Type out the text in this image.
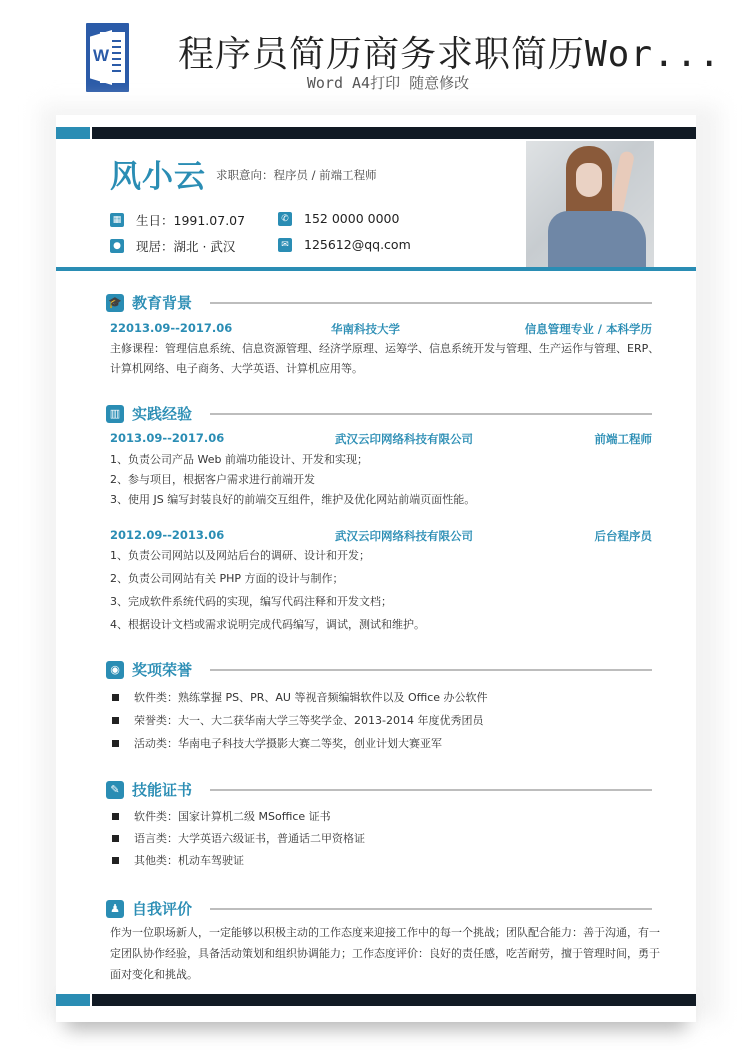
W 程序员简历商务求职简历Wor...
Word A4打印 随意修改
风小云 求职意向：程序员 / 前端工程师
▦ 生日：1991.07.07
● 现居：湖北 · 武汉
✆ 152 0000 0000
✉ 125612@qq.com
🎓 教育背景
22013.09--2017.06	华南科技大学	信息管理专业 / 本科学历
主修课程：管理信息系统、信息资源管理、经济学原理、运筹学、信息系统开发与管理、生产运作与管理、ERP、计算机网络、电子商务、大学英语、计算机应用等。
▥ 实践经验
2013.09--2017.06	武汉云印网络科技有限公司	前端工程师
1、负责公司产品 Web 前端功能设计、开发和实现；
2、参与项目，根据客户需求进行前端开发
3、使用 JS 编写封装良好的前端交互组件，维护及优化网站前端页面性能。
2012.09--2013.06	武汉云印网络科技有限公司	后台程序员
1、负责公司网站以及网站后台的调研、设计和开发；
2、负责公司网站有关 PHP 方面的设计与制作；
3、完成软件系统代码的实现，编写代码注释和开发文档；
4、根据设计文档或需求说明完成代码编写，调试，测试和维护。
◉ 奖项荣誉
软件类：熟练掌握 PS、PR、AU 等视音频编辑软件以及 Office 办公软件
荣誉类：大一、大二获华南大学三等奖学金、2013-2014 年度优秀团员
活动类：华南电子科技大学摄影大赛二等奖，创业计划大赛亚军
✎ 技能证书
软件类：国家计算机二级 MSoffice 证书
语言类：大学英语六级证书，普通话二甲资格证
其他类：机动车驾驶证
♟ 自我评价
作为一位职场新人，一定能够以积极主动的工作态度来迎接工作中的每一个挑战；团队配合能力：善于沟通，有一定团队协作经验，具备活动策划和组织协调能力；工作态度评价：良好的责任感，吃苦耐劳，擅于管理时间，勇于面对变化和挑战。
